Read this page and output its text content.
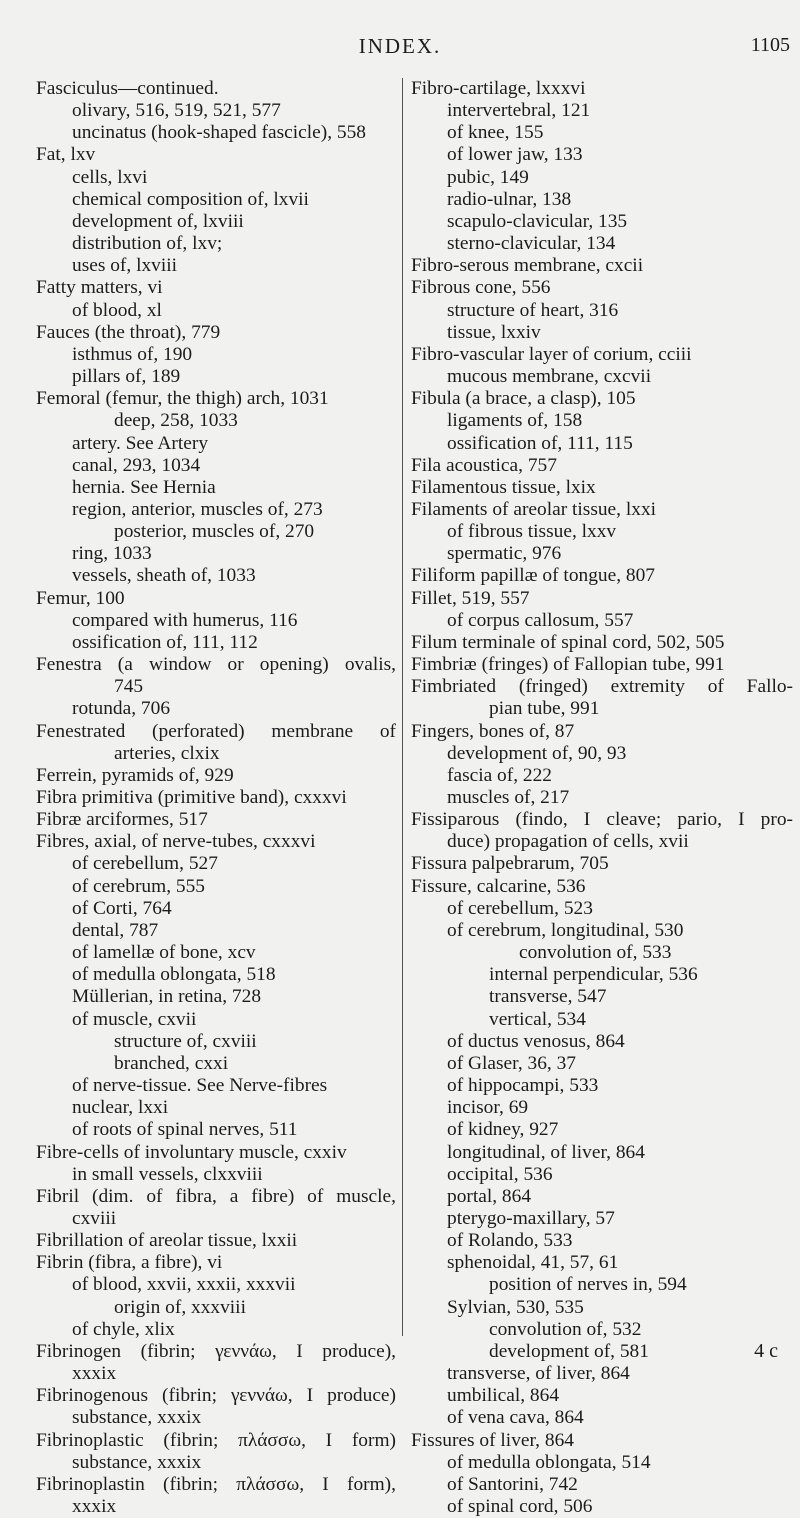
INDEX.	1105
Fasciculus—continued.
olivary, 516, 519, 521, 577
uncinatus (hook-shaped fascicle), 558
Fat, lxv
cells, lxvi
chemical composition of, lxvii
development of, lxviii
distribution of, lxv;
uses of, lxviii
Fatty matters, vi
of blood, xl
Fauces (the throat), 779
isthmus of, 190
pillars of, 189
Femoral (femur, the thigh) arch, 1031
deep, 258, 1033
artery. See Artery
canal, 293, 1034
hernia. See Hernia
region, anterior, muscles of, 273
posterior, muscles of, 270
ring, 1033
vessels, sheath of, 1033
Femur, 100
compared with humerus, 116
ossification of, 111, 112
Fenestra (a window or opening) ovalis,
745
rotunda, 706
Fenestrated (perforated) membrane of
arteries, clxix
Ferrein, pyramids of, 929
Fibra primitiva (primitive band), cxxxvi
Fibræ arciformes, 517
Fibres, axial, of nerve-tubes, cxxxvi
of cerebellum, 527
of cerebrum, 555
of Corti, 764
dental, 787
of lamellæ of bone, xcv
of medulla oblongata, 518
Müllerian, in retina, 728
of muscle, cxvii
structure of, cxviii
branched, cxxi
of nerve-tissue. See Nerve-fibres
nuclear, lxxi
of roots of spinal nerves, 511
Fibre-cells of involuntary muscle, cxxiv
in small vessels, clxxviii
Fibril (dim. of fibra, a fibre) of muscle,
cxviii
Fibrillation of areolar tissue, lxxii
Fibrin (fibra, a fibre), vi
of blood, xxvii, xxxii, xxxvii
origin of, xxxviii
of chyle, xlix
Fibrinogen (fibrin; γεννάω, I produce),
xxxix
Fibrinogenous (fibrin; γεννάω, I produce)
substance, xxxix
Fibrinoplastic (fibrin; πλάσσω, I form)
substance, xxxix
Fibrinoplastin (fibrin; πλάσσω, I form),
xxxix
Fibro-cartilage, lxxxvi
intervertebral, 121
of knee, 155
of lower jaw, 133
pubic, 149
radio-ulnar, 138
scapulo-clavicular, 135
sterno-clavicular, 134
Fibro-serous membrane, cxcii
Fibrous cone, 556
structure of heart, 316
tissue, lxxiv
Fibro-vascular layer of corium, cciii
mucous membrane, cxcvii
Fibula (a brace, a clasp), 105
ligaments of, 158
ossification of, 111, 115
Fila acoustica, 757
Filamentous tissue, lxix
Filaments of areolar tissue, lxxi
of fibrous tissue, lxxv
spermatic, 976
Filiform papillæ of tongue, 807
Fillet, 519, 557
of corpus callosum, 557
Filum terminale of spinal cord, 502, 505
Fimbriæ (fringes) of Fallopian tube, 991
Fimbriated (fringed) extremity of Fallo-
pian tube, 991
Fingers, bones of, 87
development of, 90, 93
fascia of, 222
muscles of, 217
Fissiparous (findo, I cleave; pario, I pro-
duce) propagation of cells, xvii
Fissura palpebrarum, 705
Fissure, calcarine, 536
of cerebellum, 523
of cerebrum, longitudinal, 530
convolution of, 533
internal perpendicular, 536
transverse, 547
vertical, 534
of ductus venosus, 864
of Glaser, 36, 37
of hippocampi, 533
incisor, 69
of kidney, 927
longitudinal, of liver, 864
occipital, 536
portal, 864
pterygo-maxillary, 57
of Rolando, 533
sphenoidal, 41, 57, 61
position of nerves in, 594
Sylvian, 530, 535
convolution of, 532
development of, 581
transverse, of liver, 864
umbilical, 864
of vena cava, 864
Fissures of liver, 864
of medulla oblongata, 514
of Santorini, 742
of spinal cord, 506
4 c
